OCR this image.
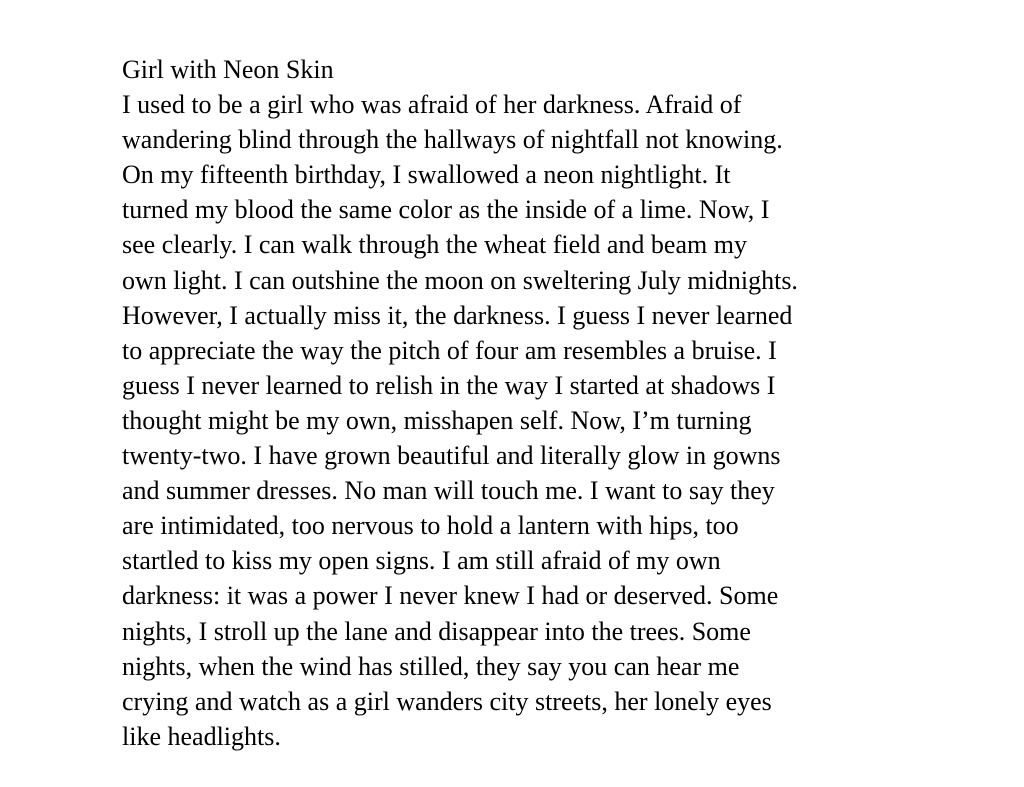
Girl with Neon Skin
I used to be a girl who was afraid of her darkness. Afraid of
wandering blind through the hallways of nightfall not knowing.
On my fifteenth birthday, I swallowed a neon nightlight. It
turned my blood the same color as the inside of a lime. Now, I
see clearly. I can walk through the wheat field and beam my
own light. I can outshine the moon on sweltering July midnights.
However, I actually miss it, the darkness. I guess I never learned
to appreciate the way the pitch of four am resembles a bruise. I
guess I never learned to relish in the way I started at shadows I
thought might be my own, misshapen self. Now, I’m turning
twenty-two. I have grown beautiful and literally glow in gowns
and summer dresses. No man will touch me. I want to say they
are intimidated, too nervous to hold a lantern with hips, too
startled to kiss my open signs. I am still afraid of my own
darkness: it was a power I never knew I had or deserved. Some
nights, I stroll up the lane and disappear into the trees. Some
nights, when the wind has stilled, they say you can hear me
crying and watch as a girl wanders city streets, her lonely eyes
like headlights.
